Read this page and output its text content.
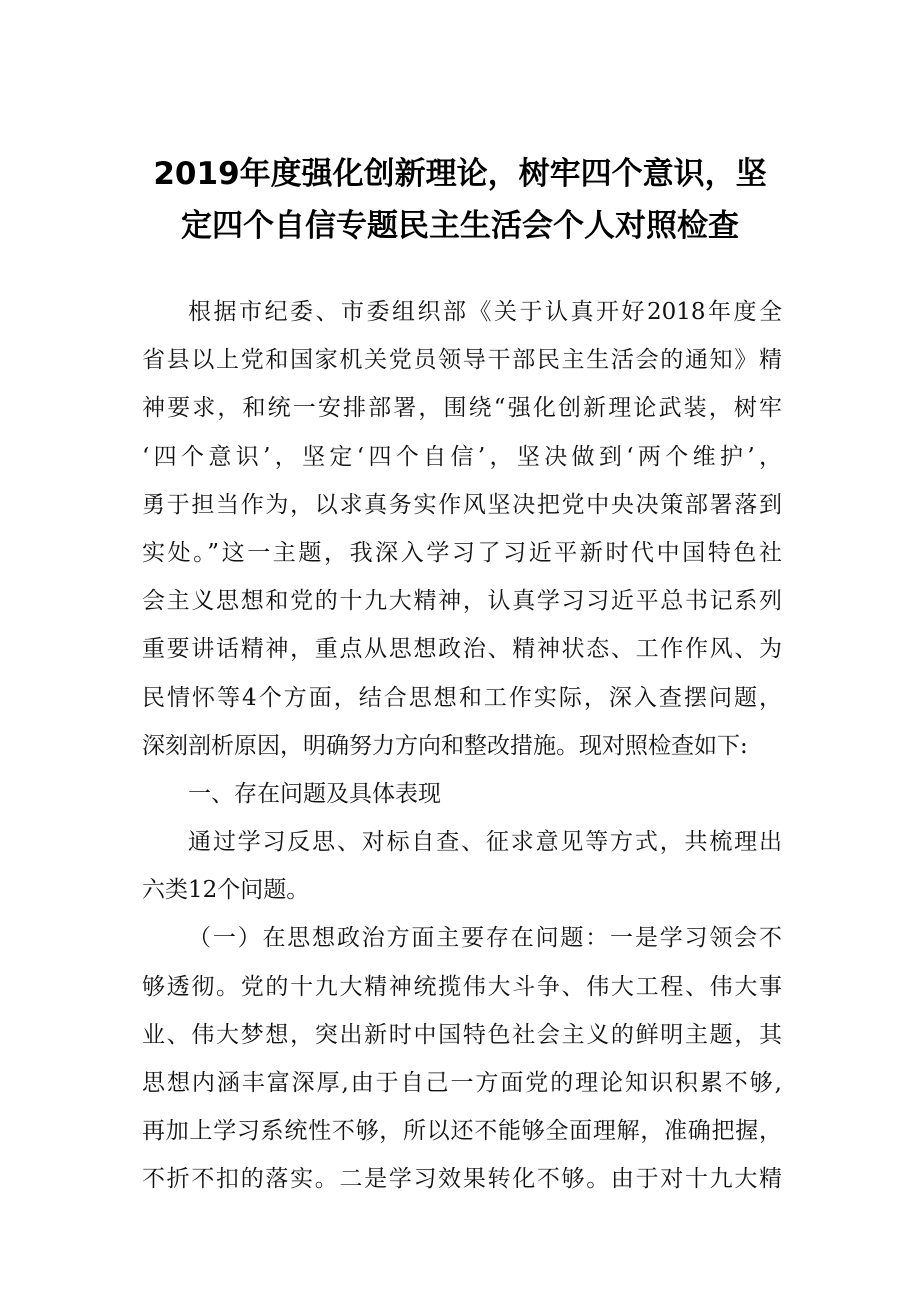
2019年度强化创新理论，树牢四个意识，坚
定四个自信专题民主生活会个人对照检查
根据市纪委、市委组织部《关于认真开好2018年度全
省县以上党和国家机关党员领导干部民主生活会的通知》精
神要求，和统一安排部署，围绕“强化创新理论武装，树牢
‘四个意识’，坚定‘四个自信’，坚决做到‘两个维护’，
勇于担当作为，以求真务实作风坚决把党中央决策部署落到
实处。”这一主题，我深入学习了习近平新时代中国特色社
会主义思想和党的十九大精神，认真学习习近平总书记系列
重要讲话精神，重点从思想政治、精神状态、工作作风、为
民情怀等4个方面，结合思想和工作实际，深入查摆问题，
深刻剖析原因，明确努力方向和整改措施。现对照检查如下:
一、存在问题及具体表现
通过学习反思、对标自查、征求意见等方式，共梳理出
六类12个问题。
（一）在思想政治方面主要存在问题：一是学习领会不
够透彻。党的十九大精神统揽伟大斗争、伟大工程、伟大事
业、伟大梦想，突出新时中国特色社会主义的鲜明主题，其
思想内涵丰富深厚,由于自己一方面党的理论知识积累不够,
再加上学习系统性不够，所以还不能够全面理解，准确把握，
不折不扣的落实。二是学习效果转化不够。由于对十九大精
